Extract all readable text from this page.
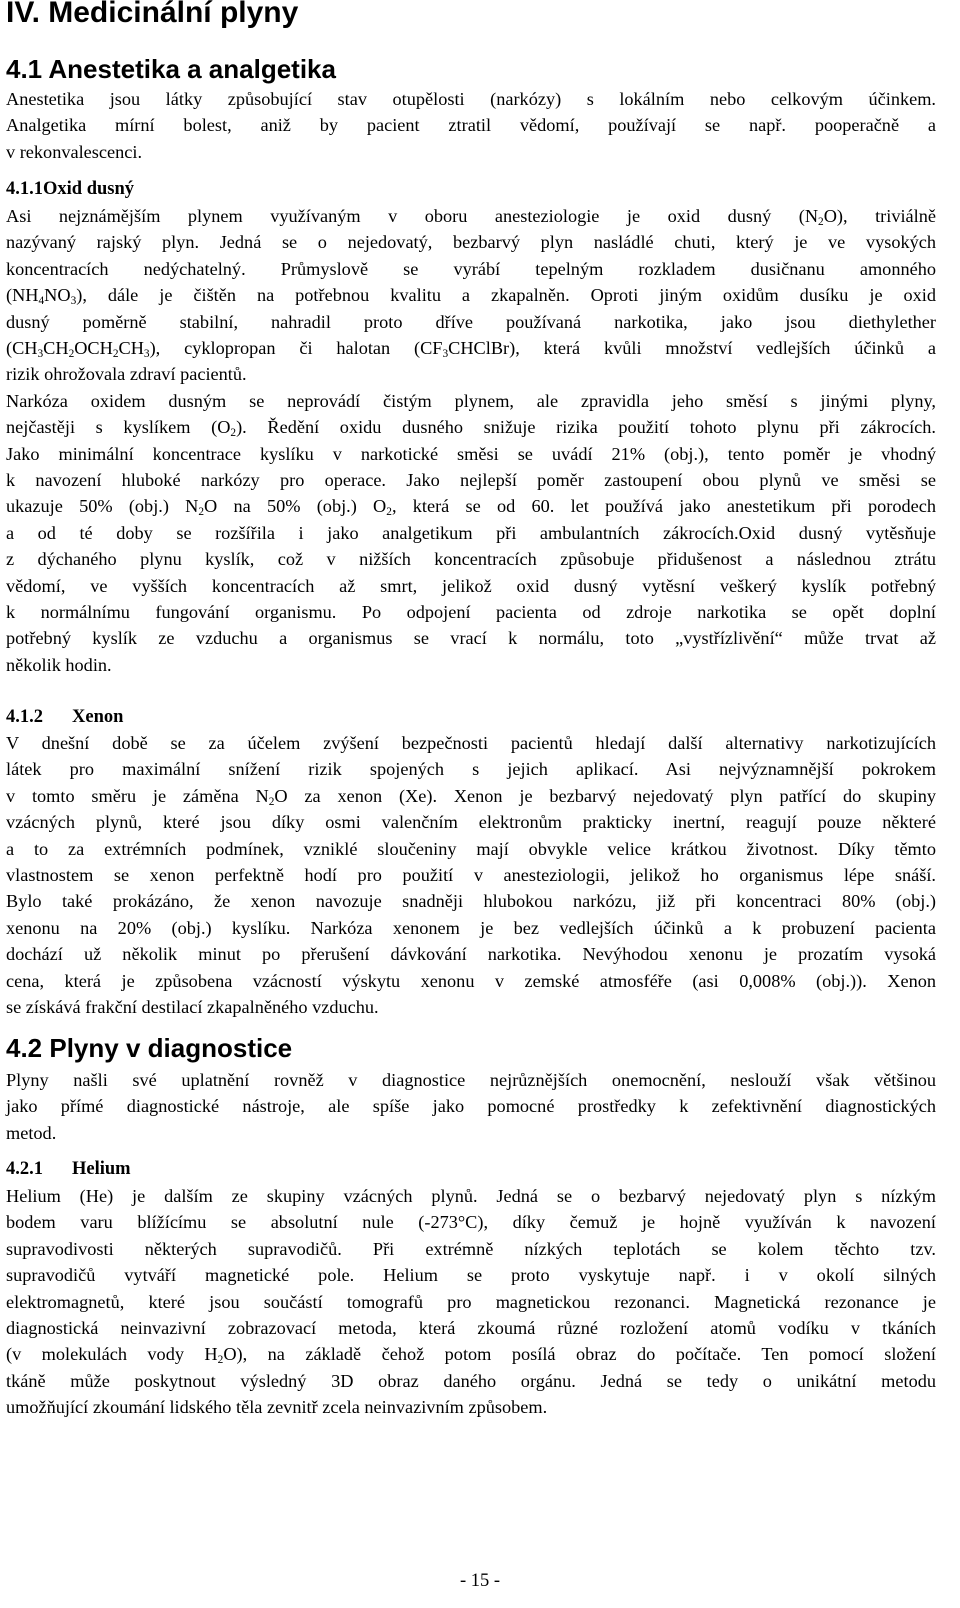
IV. Medicinální plyny
4.1 Anestetika a analgetika

Anestetika jsou látky způsobující stav otupělosti (narkózy) s lokálním nebo celkovým účinkem.

Analgetika mírní bolest, aniž by pacient ztratil vědomí, používají se např. pooperačně a

v rekonvalescenci.

4.1.1Oxid dusný

Asi nejznámějším plynem využívaným v oboru anesteziologie je oxid dusný $(N_2O)$, triviálně

nazývaný rajský plyn. Jedná se o nejedovatý, bezbarvý plyn nasládlé chuti, který je ve vysokých

koncentracích nedýchatelný. Průmyslově se vyrábí tepelným rozkladem dusičnanu amonného

$(NH_4NO_3)$, dále je čištěn na potřebnou kvalitu a zkapalněn. Oproti jiným oxidům dusíku je oxid

dusný poměrně stabilní, nahradil proto dříve používaná narkotika, jako jsou diethylether

$(CH_3CH_2OCH_2CH_3)$, cyklopropan či halotan $(CF_3CHClBr)$, která kvůli množství vedlejších účinků a

rizik ohrožovala zdraví pacientů.

Narkóza oxidem dusným se neprovádí čistým plynem, ale zpravidla jeho směsí s jinými plyny,

nejčastěji s kyslíkem $(O_2)$. Ředění oxidu dusného snižuje rizika použití tohoto plynu při zákrocích.

Jako minimální koncentrace kyslíku v narkotické směsi se uvádí 21% (obj.), tento poměr je vhodný

k navození hluboké narkózy pro operace. Jako nejlepší poměr zastoupení obou plynů ve směsi se

ukazuje 50% (obj.) $N_2O$ na 50% (obj.) $O_2$, která se od 60. let používá jako anestetikum při porodech

a od té doby se rozšířila i jako analgetikum při ambulantních zákrocích.Oxid dusný vytěsňuje

z dýchaného plynu kyslík, což v nižších koncentracích způsobuje přidušenost a následnou ztrátu

vědomí, ve vyšších koncentracích až smrt, jelikož oxid dusný vytěsní veškerý kyslík potřebný

k normálnímu fungování organismu. Po odpojení pacienta od zdroje narkotika se opět doplní

potřebný kyslík ze vzduchu a organismus se vrací k normálu, toto „vystřízlivění“ může trvat až

několik hodin.

4.1.2 Xenon

V dnešní době se za účelem zvýšení bezpečnosti pacientů hledají další alternativy narkotizujících

látek pro maximální snížení rizik spojených s jejich aplikací. Asi nejvýznamnější pokrokem

v tomto směru je záměna $N_2O$ za xenon (Xe). Xenon je bezbarvý nejedovatý plyn patřící do skupiny

vzácných plynů, které jsou díky osmi valenčním elektronům prakticky inertní, reagují pouze některé

a to za extrémních podmínek, vzniklé sloučeniny mají obvykle velice krátkou životnost. Díky těmto

vlastnostem se xenon perfektně hodí pro použití v anesteziologii, jelikož ho organismus lépe snáší.

Bylo také prokázáno, že xenon navozuje snadněji hlubokou narkózu, již při koncentraci 80% (obj.)

xenonu na 20% (obj.) kyslíku. Narkóza xenonem je bez vedlejších účinků a k probuzení pacienta

dochází už několik minut po přerušení dávkování narkotika. Nevýhodou xenonu je prozatím vysoká

cena, která je způsobena vzácností výskytu xenonu v zemské atmosféře (asi 0,008% (obj.)). Xenon

se získává frakční destilací zkapalněného vzduchu.

4.2 Plyny v diagnostice

Plyny našli své uplatnění rovněž v diagnostice nejrůznějších onemocnění, neslouží však většinou

jako přímé diagnostické nástroje, ale spíše jako pomocné prostředky k zefektivnění diagnostických

metod.

4.2.1 Helium

Helium (He) je dalším ze skupiny vzácných plynů. Jedná se o bezbarvý nejedovatý plyn s nízkým

bodem varu blížícímu se absolutní nule (-273°C), díky čemuž je hojně využíván k navození

supravodivosti některých supravodičů. Při extrémně nízkých teplotách se kolem těchto tzv.

supravodičů vytváří magnetické pole. Helium se proto vyskytuje např. i v okolí silných

elektromagnetů, které jsou součástí tomografů pro magnetickou rezonanci. Magnetická rezonance je

diagnostická neinvazivní zobrazovací metoda, která zkoumá různé rozložení atomů vodíku v tkáních

(v molekulách vody $H_2O$), na základě čehož potom posílá obraz do počítače. Ten pomocí složení

tkáně může poskytnout výsledný 3D obraz daného orgánu. Jedná se tedy o unikátní metodu

umožňující zkoumání lidského těla zevnitř zcela neinvazivním způsobem.

- 15 -
